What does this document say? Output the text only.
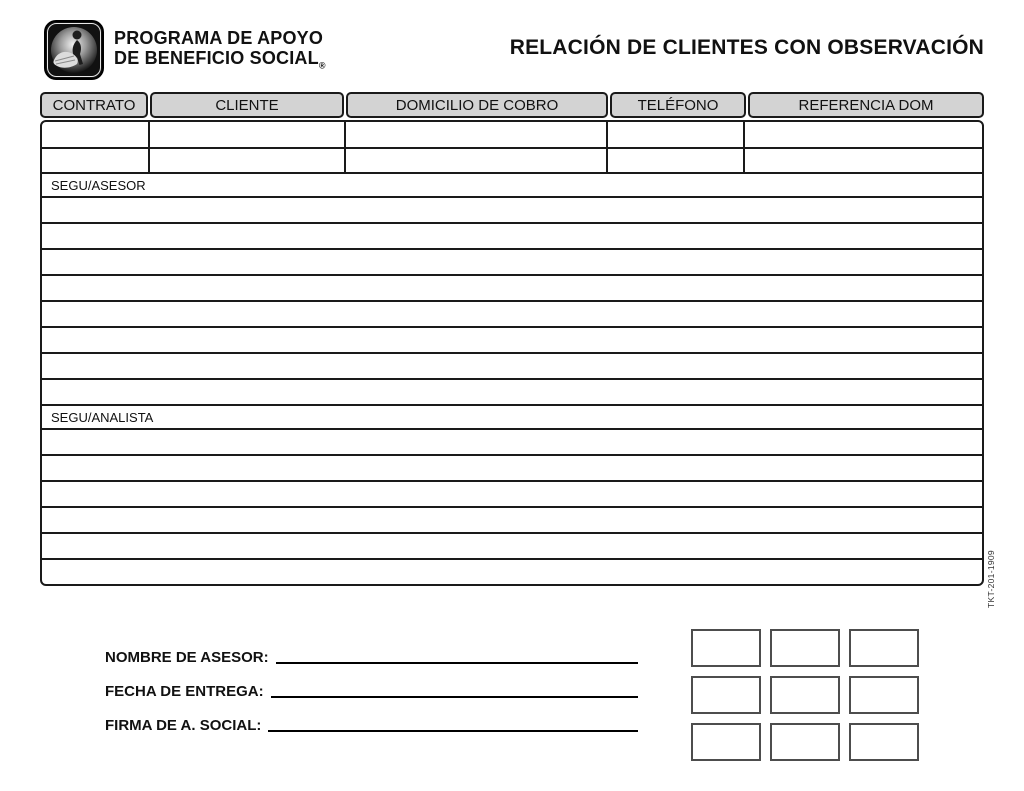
PROGRAMA DE APOYO
DE BENEFICIO $SOCIAL_®$
RELACIÓN DE CLIENTES CON OBSERVACIÓN
CONTRATO	CLIENTE	DOMICILIO DE COBRO	TELÉFONO	REFERENCIA DOM
SEGU/ASESOR
SEGU/ANALISTA
TKT-201-1909
NOMBRE DE ASESOR:
FECHA DE ENTREGA:
FIRMA DE A. SOCIAL:
